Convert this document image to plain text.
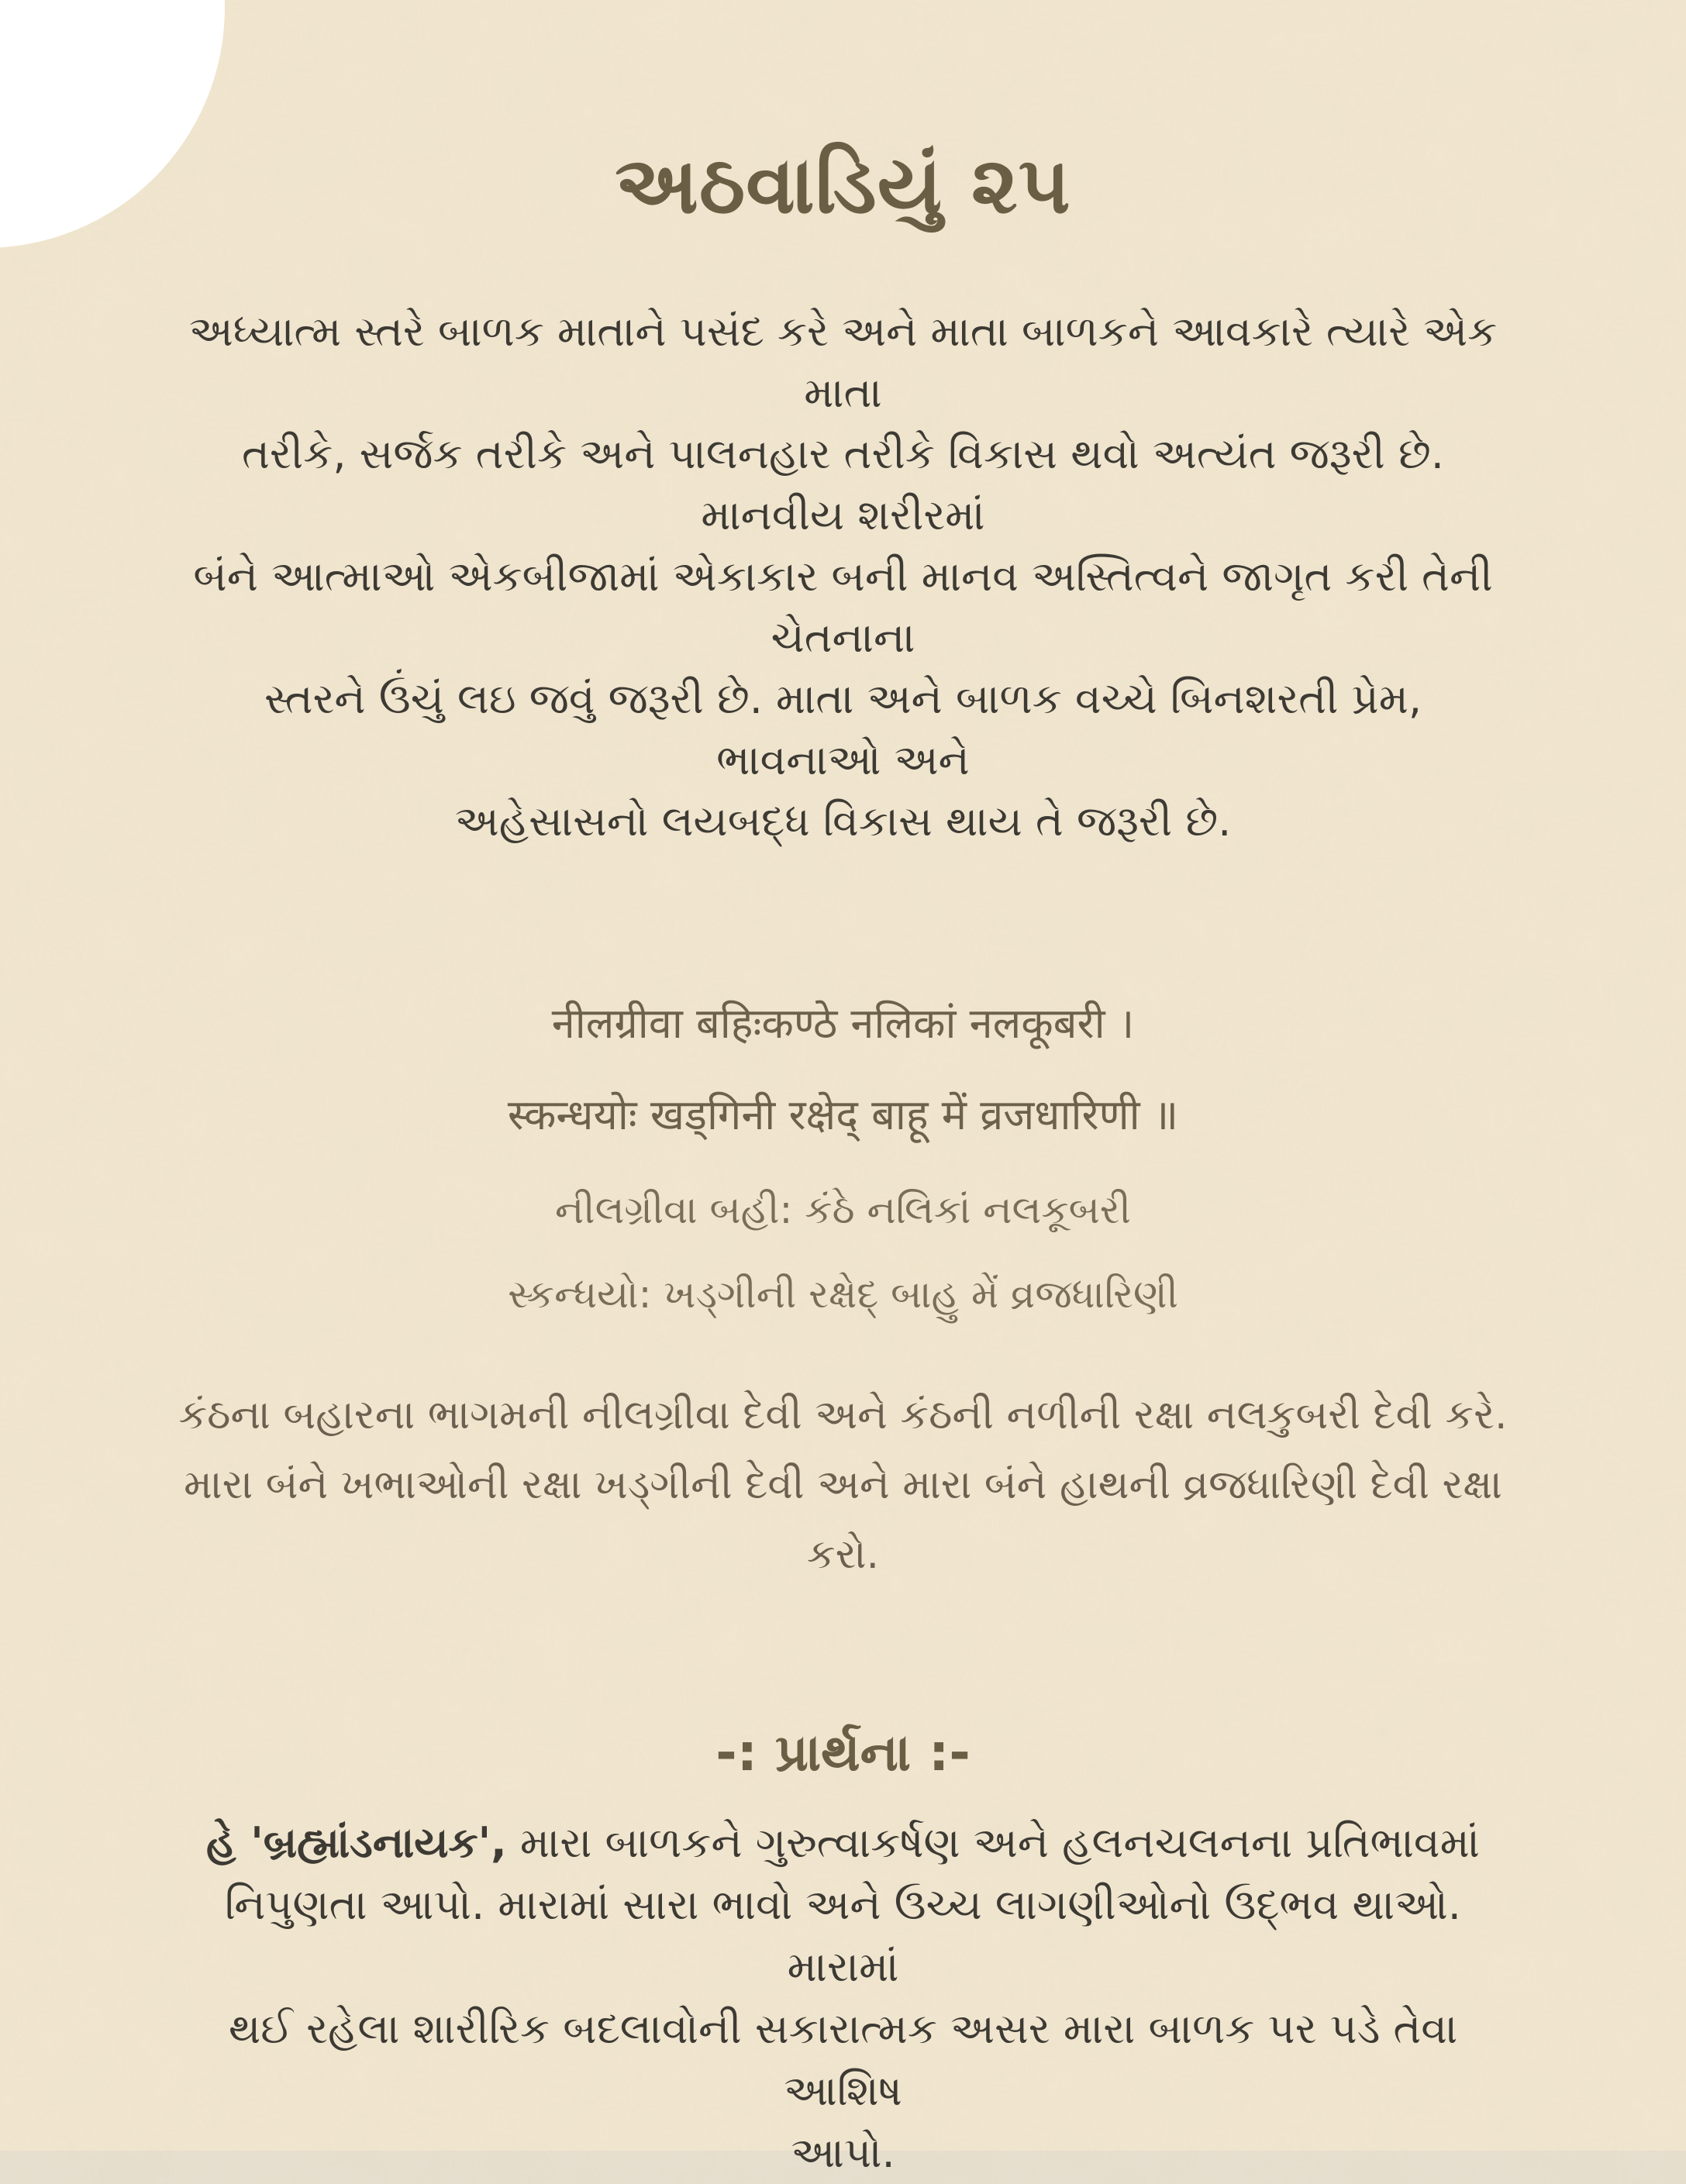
અઠવાડિયું ૨૫
અધ્યાત્મ સ્તરે બાળક માતાને પસંદ કરે અને માતા બાળકને આવકારે ત્યારે એક માતા
તરીકે, સર્જક તરીકે અને પાલનહાર તરીકે વિકાસ થવો અત્યંત જરૂરી છે. માનવીય શરીરમાં
બંને આત્માઓ એકબીજામાં એકાકાર બની માનવ અસ્તિત્વને જાગૃત કરી તેની ચેતનાના
સ્તરને ઉંચું લઇ જવું જરૂરી છે. માતા અને બાળક વચ્ચે બિનશરતી પ્રેમ, ભાવનાઓ અને
અહેસાસનો લયબદ્ધ વિકાસ થાય તે જરૂરી છે.
नीलग्रीवा बहिःकण्ठे नलिकां नलकूबरी ।
स्कन्धयोः खड्गिनी रक्षेद् बाहू में व्रजधारिणी ॥
નીલગ્રીવા બહી: કંઠે નલિકાં નલકૂબરી
સ્કન્ધયો: ખડ્ગીની રક્ષેદ્ બાહુ મેં વ્રજધારિણી
કંઠના બહારના ભાગમની નીલગ્રીવા દેવી અને કંઠની નળીની રક્ષા નલકુબરી દેવી કરે.
મારા બંને ખભાઓની રક્ષા ખડ્ગીની દેવી અને મારા બંને હાથની વ્રજધારિણી દેવી રક્ષા
કરો.
-: પ્રાર્થના :-
હે 'બ્રહ્માંડનાયક', મારા બાળકને ગુરુત્વાકર્ષણ અને હલનચલનના પ્રતિભાવમાં
નિપુણતા આપો. મારામાં સારા ભાવો અને ઉચ્ચ લાગણીઓનો ઉદ્ભવ થાઓ. મારામાં
થઈ રહેલા શારીરિક બદલાવોની સકારાત્મક અસર મારા બાળક પર પડે તેવા આશિષ
આપો.
